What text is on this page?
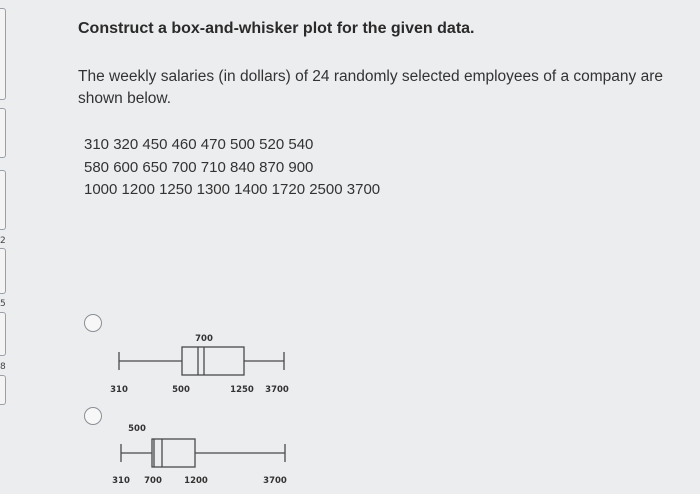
2
5
8
Construct a box-and-whisker plot for the given data.
The weekly salaries (in dollars) of 24 randomly selected employees of a company are shown below.
310 320 450 460 470 500 520 540
580 600 650 700 710 840 870 900
1000 1200 1250 1300 1400 1720 2500 3700
310	500
700
1250 3700
310
500
700	1200	3700
